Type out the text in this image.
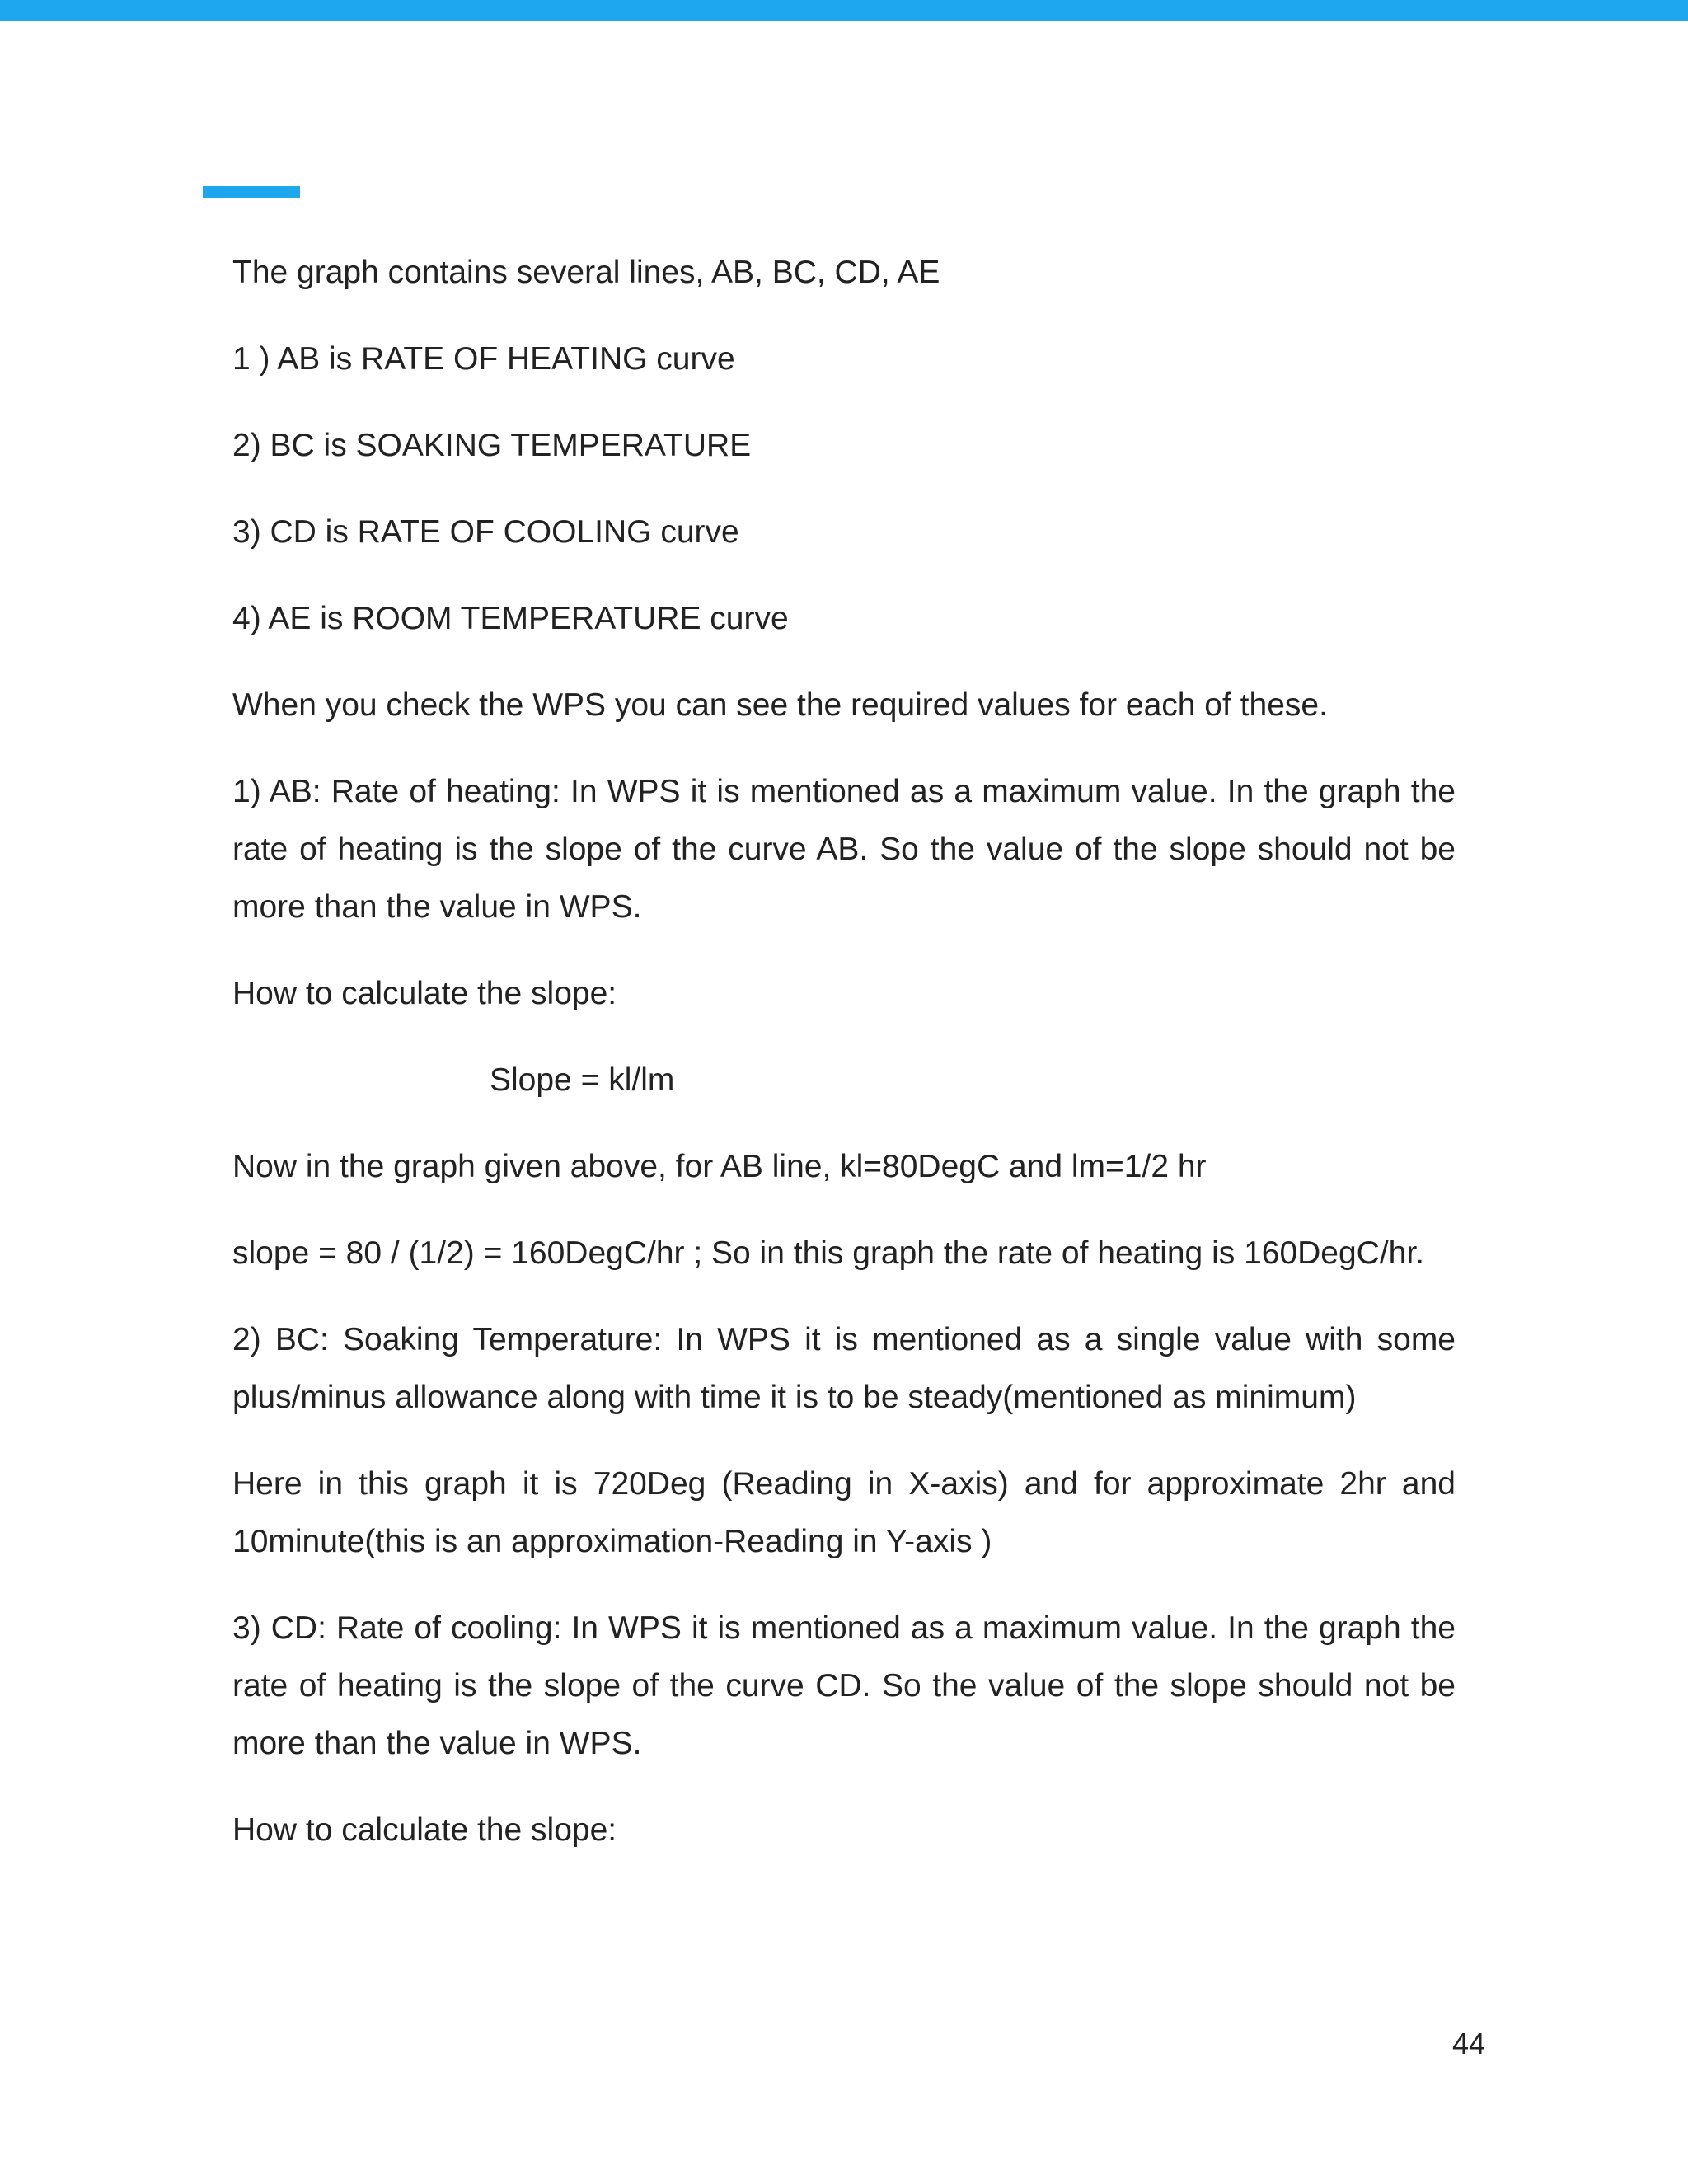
The graph contains several lines, AB, BC, CD, AE

1 ) AB is RATE OF HEATING curve

2) BC is SOAKING TEMPERATURE

3) CD is RATE OF COOLING curve

4) AE is ROOM TEMPERATURE curve

When you check the WPS you can see the required values for each of these.

1) AB: Rate of heating: In WPS it is mentioned as a maximum value. In the graph the rate of heating is the slope of the curve AB. So the value of the slope should not be more than the value in WPS.

How to calculate the slope:

Slope = kl/lm

Now in the graph given above, for AB line, kl=80DegC and lm=1/2 hr

slope = 80 / (1/2) = 160DegC/hr ; So in this graph the rate of heating is 160DegC/hr.

2) BC: Soaking Temperature: In WPS it is mentioned as a single value with some plus/minus allowance along with time it is to be steady(mentioned as minimum)

Here in this graph it is 720Deg (Reading in X-axis) and for approximate 2hr and 10minute(this is an approximation-Reading in Y-axis )

3) CD: Rate of cooling: In WPS it is mentioned as a maximum value. In the graph the rate of heating is the slope of the curve CD. So the value of the slope should not be more than the value in WPS.

How to calculate the slope:

44
